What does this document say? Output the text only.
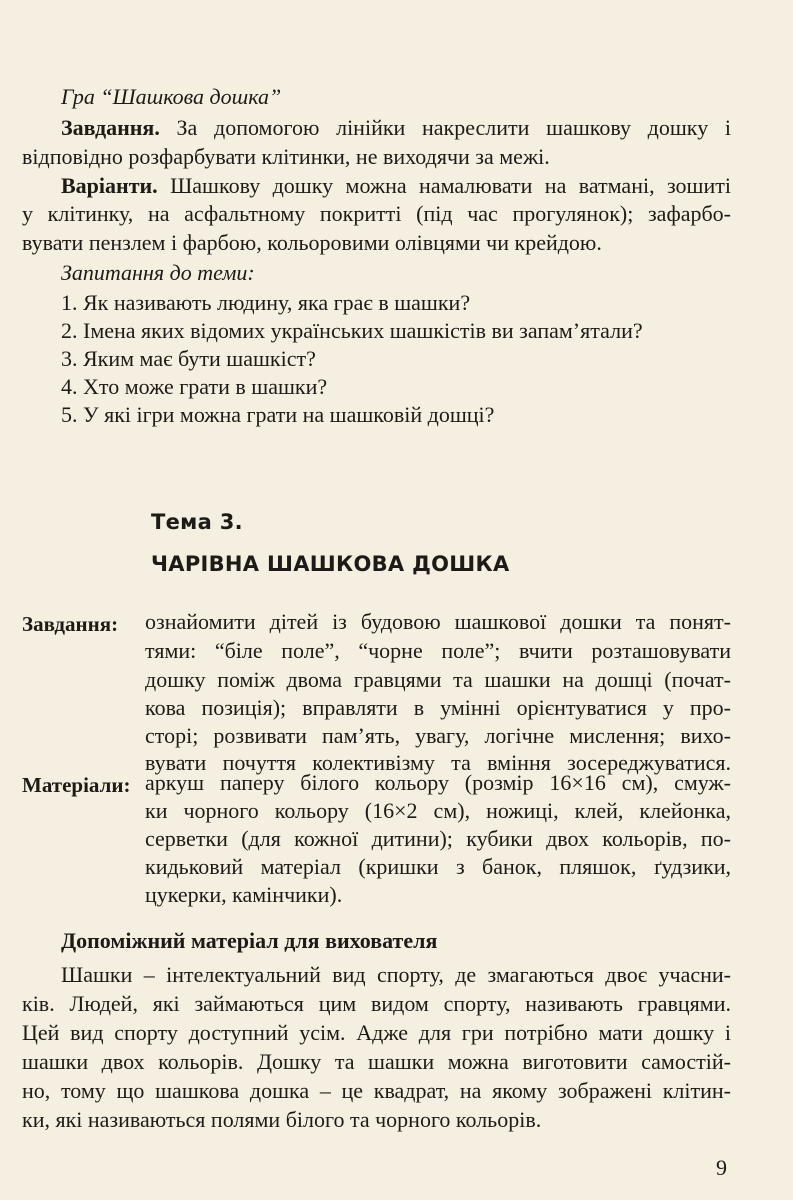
Гра “Шашкова дошка”
Завдання. За допомогою лінійки накреслити шашкову дошку і
відповідно розфарбувати клітинки, не виходячи за межі.
Варіанти. Шашкову дошку можна намалювати на ватмані, зошиті
у клітинку, на асфальтному покритті (під час прогулянок); зафарбо-
вувати пензлем і фарбою, кольоровими олівцями чи крейдою.
Запитання до теми:
1. Як називають людину, яка грає в шашки?
2. Імена яких відомих українських шашкістів ви запам’ятали?
3. Яким має бути шашкіст?
4. Хто може грати в шашки?
5. У які ігри можна грати на шашковій дошці?
Тема 3.
ЧАРІВНА ШАШКОВА ДОШКА
Завдання: ознайомити дітей із будовою шашкової дошки та понят-
тями: “біле поле”, “чорне поле”; вчити розташовувати
дошку поміж двома гравцями та шашки на дошці (почат-
кова позиція); вправляти в умінні орієнтуватися у про-
сторі; розвивати пам’ять, увагу, логічне мислення; вихо-
вувати почуття колективізму та вміння зосереджуватися.
Матеріали: аркуш паперу білого кольору (розмір 16×16 см), смуж-
ки чорного кольору (16×2 см), ножиці, клей, клейонка,
серветки (для кожної дитини); кубики двох кольорів, по-
кидьковий матеріал (кришки з банок, пляшок, ґудзики,
цукерки, камінчики).
Допоміжний матеріал для вихователя
Шашки – інтелектуальний вид спорту, де змагаються двоє учасни-
ків. Людей, які займаються цим видом спорту, називають гравцями.
Цей вид спорту доступний усім. Адже для гри потрібно мати дошку і
шашки двох кольорів. Дошку та шашки можна виготовити самостій-
но, тому що шашкова дошка – це квадрат, на якому зображені клітин-
ки, які називаються полями білого та чорного кольорів.
9
